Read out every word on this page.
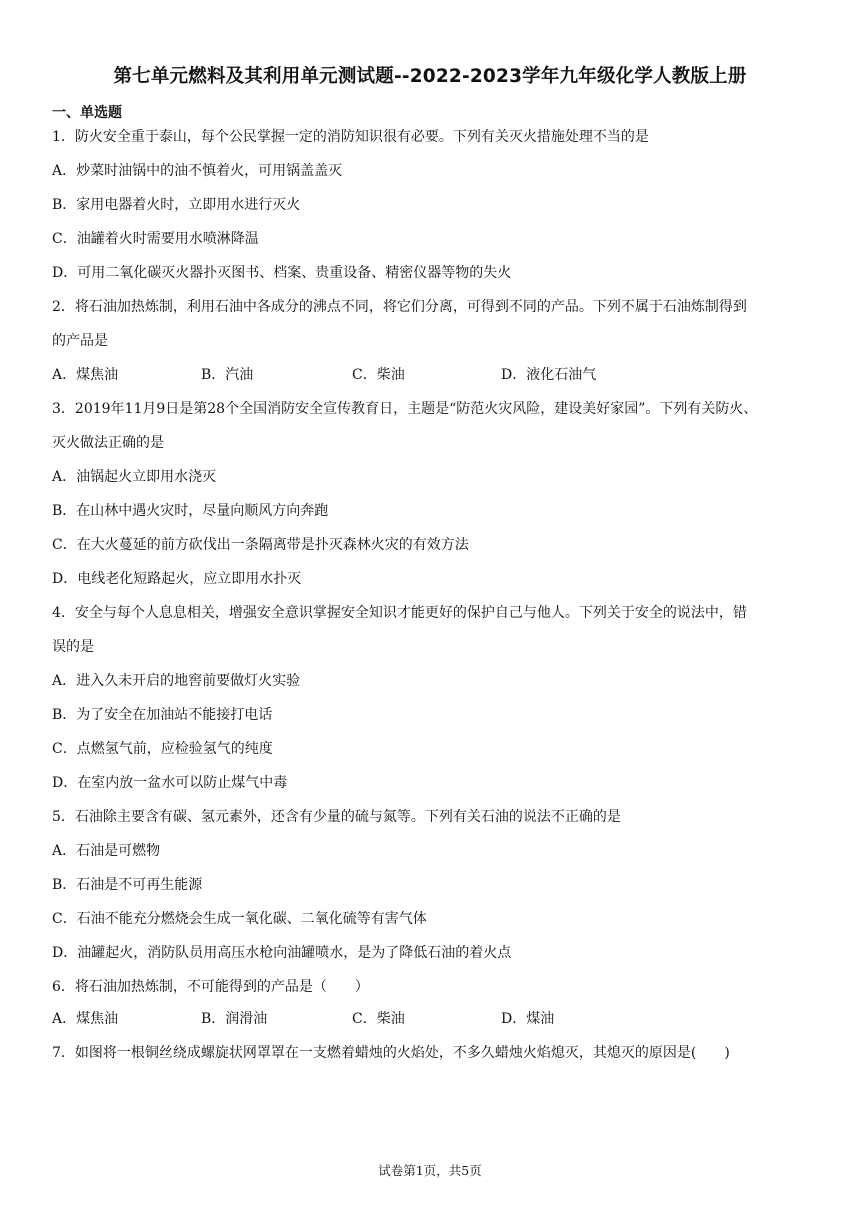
第七单元燃料及其利用单元测试题--2022-2023学年九年级化学人教版上册
一、单选题
1．防火安全重于泰山，每个公民掌握一定的消防知识很有必要。下列有关灭火措施处理不当的是
A．炒菜时油锅中的油不慎着火，可用锅盖盖灭
B．家用电器着火时，立即用水进行灭火
C．油罐着火时需要用水喷淋降温
D．可用二氧化碳灭火器扑灭图书、档案、贵重设备、精密仪器等物的失火
2．将石油加热炼制，利用石油中各成分的沸点不同，将它们分离，可得到不同的产品。下列不属于石油炼制得到
的产品是
A．煤焦油	B．汽油	C．柴油	D．液化石油气
3．2019年11月9日是第28个全国消防安全宣传教育日，主题是“防范火灾风险，建设美好家园”。下列有关防火、
灭火做法正确的是
A．油锅起火立即用水浇灭
B．在山林中遇火灾时，尽量向顺风方向奔跑
C．在大火蔓延的前方砍伐出一条隔离带是扑灭森林火灾的有效方法
D．电线老化短路起火，应立即用水扑灭
4．安全与每个人息息相关，增强安全意识掌握安全知识才能更好的保护自己与他人。下列关于安全的说法中，错
误的是
A．进入久未开启的地窖前要做灯火实验
B．为了安全在加油站不能接打电话
C．点燃氢气前，应检验氢气的纯度
D．在室内放一盆水可以防止煤气中毒
5．石油除主要含有碳、氢元素外，还含有少量的硫与氮等。下列有关石油的说法不正确的是
A．石油是可燃物
B．石油是不可再生能源
C．石油不能充分燃烧会生成一氧化碳、二氧化硫等有害气体
D．油罐起火，消防队员用高压水枪向油罐喷水，是为了降低石油的着火点
6．将石油加热炼制，不可能得到的产品是（　　）
A．煤焦油	B．润滑油	C．柴油	D．煤油
7．如图将一根铜丝绕成螺旋状网罩罩在一支燃着蜡烛的火焰处，不多久蜡烛火焰熄灭，其熄灭的原因是(　　)
试卷第1页，共5页
